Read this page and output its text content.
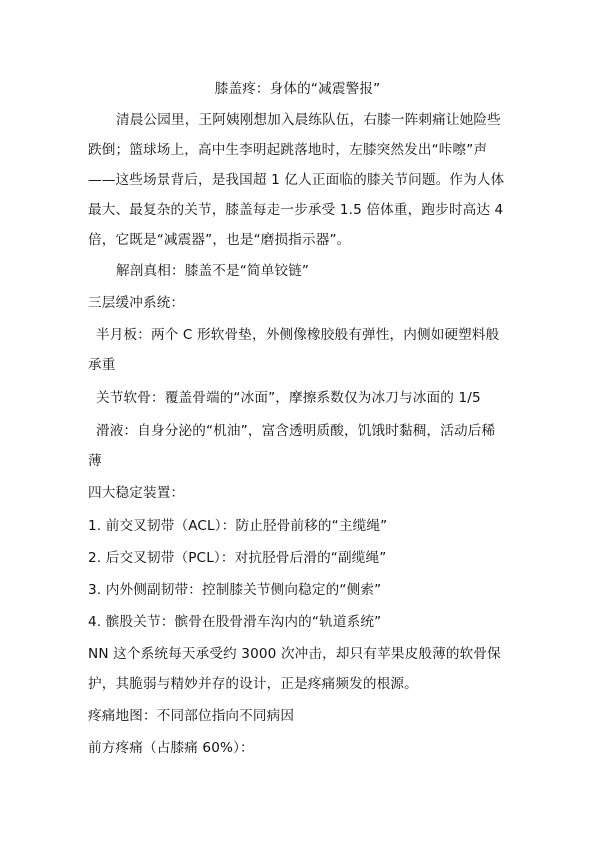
膝盖疼：身体的“减震警报”
清晨公园里，王阿姨刚想加入晨练队伍，右膝一阵刺痛让她险些
跌倒；篮球场上，高中生李明起跳落地时，左膝突然发出“咔嚓”声
——这些场景背后，是我国超 1 亿人正面临的膝关节问题。作为人体
最大、最复杂的关节，膝盖每走一步承受 1.5 倍体重，跑步时高达 4
倍，它既是“减震器”，也是“磨损指示器”。
解剖真相：膝盖不是“简单铰链”
三层缓冲系统：
半月板：两个 C 形软骨垫，外侧像橡胶般有弹性，内侧如硬塑料般
承重
关节软骨：覆盖骨端的“冰面”，摩擦系数仅为冰刀与冰面的 1/5
滑液：自身分泌的“机油”，富含透明质酸，饥饿时黏稠，活动后稀
薄
四大稳定装置：
1. 前交叉韧带（ACL）：防止胫骨前移的“主缆绳”
2. 后交叉韧带（PCL）：对抗胫骨后滑的“副缆绳”
3. 内外侧副韧带：控制膝关节侧向稳定的“侧索”
4. 髌股关节：髌骨在股骨滑车沟内的“轨道系统”
NN 这个系统每天承受约 3000 次冲击，却只有苹果皮般薄的软骨保
护，其脆弱与精妙并存的设计，正是疼痛频发的根源。
疼痛地图：不同部位指向不同病因
前方疼痛（占膝痛 60%）：
